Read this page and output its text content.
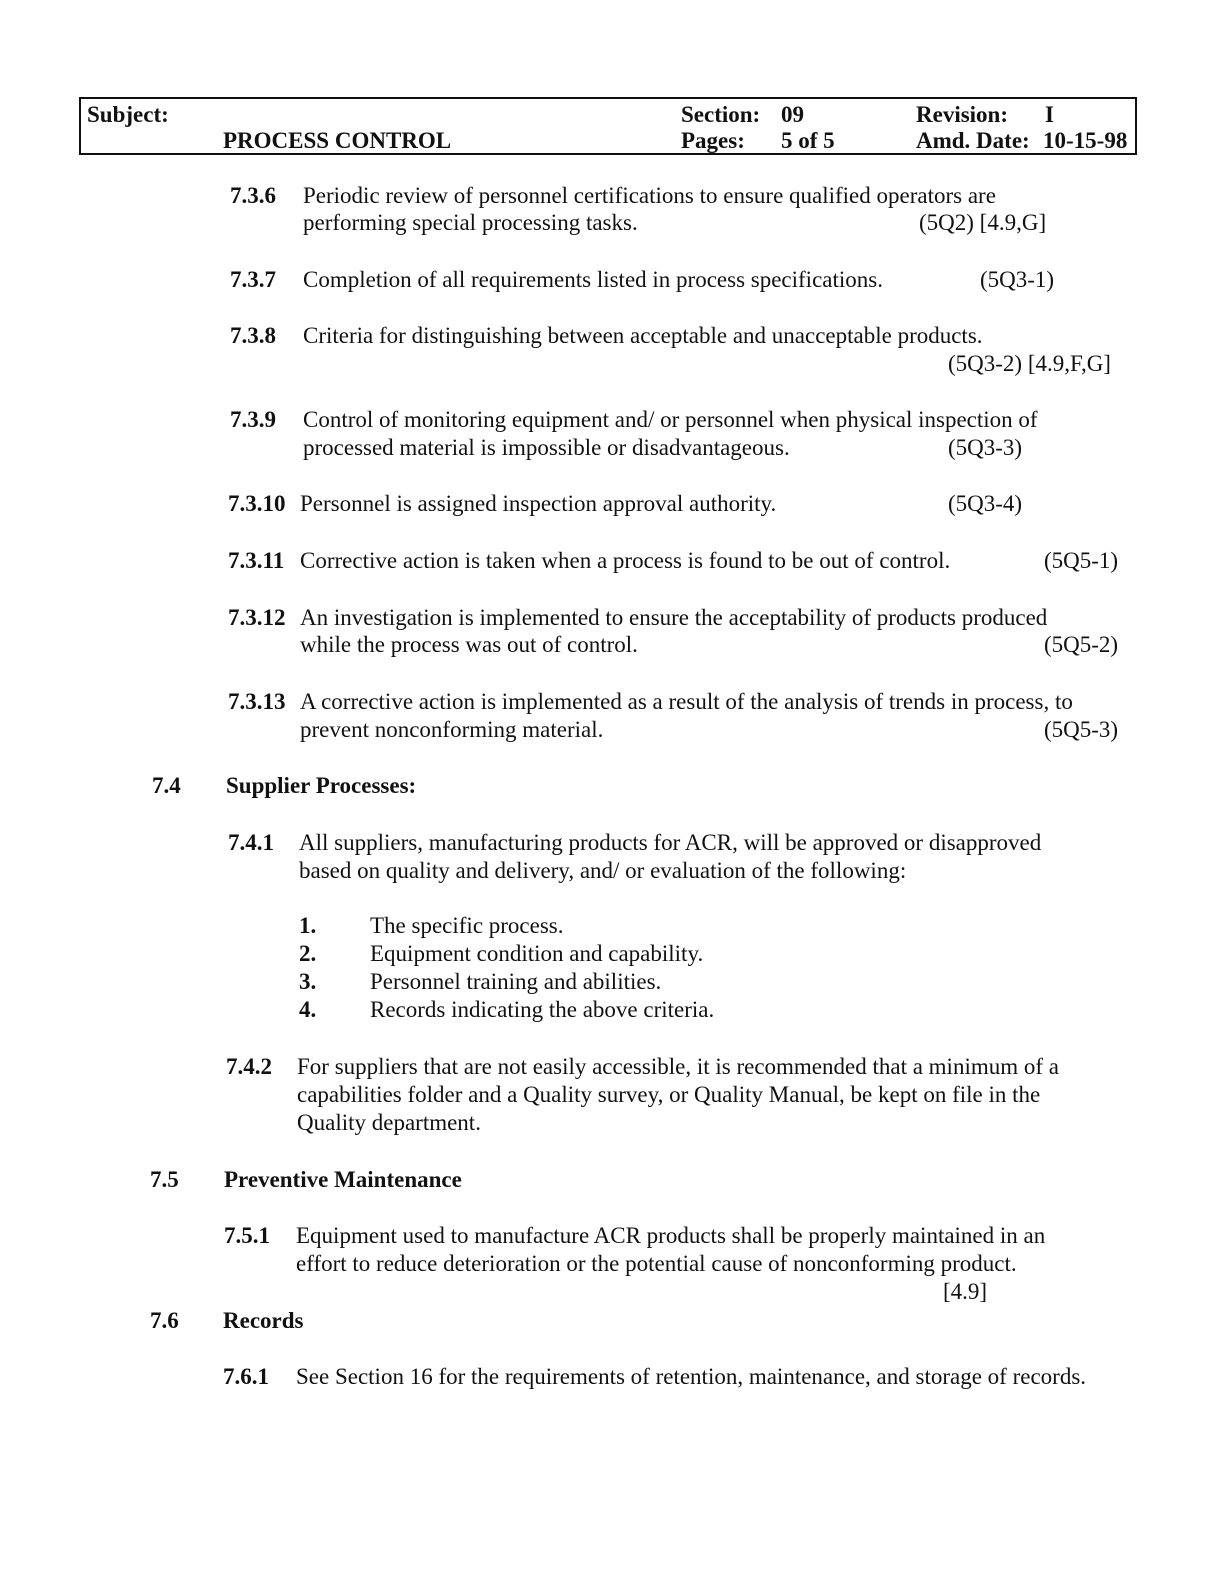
Subject:
PROCESS CONTROL
Section: 09
Pages: 5 of 5
Revision: I
Amd. Date: 10-15-98
7.3.6 Periodic review of personnel certifications to ensure qualified operators are
performing special processing tasks.	(5Q2) [4.9,G]
7.3.7 Completion of all requirements listed in process specifications.	(5Q3-1)
7.3.8 Criteria for distinguishing between acceptable and unacceptable products.
(5Q3-2) [4.9,F,G]
7.3.9 Control of monitoring equipment and/ or personnel when physical inspection of
processed material is impossible or disadvantageous.	(5Q3-3)
7.3.10 Personnel is assigned inspection approval authority.	(5Q3-4)
7.3.11 Corrective action is taken when a process is found to be out of control.	(5Q5-1)
7.3.12 An investigation is implemented to ensure the acceptability of products produced
while the process was out of control.	(5Q5-2)
7.3.13 A corrective action is implemented as a result of the analysis of trends in process, to
prevent nonconforming material.	(5Q5-3)
7.4 Supplier Processes:
7.4.1 All suppliers, manufacturing products for ACR, will be approved or disapproved
based on quality and delivery, and/ or evaluation of the following:
1. The specific process.
2. Equipment condition and capability.
3. Personnel training and abilities.
4. Records indicating the above criteria.
7.4.2 For suppliers that are not easily accessible, it is recommended that a minimum of a
capabilities folder and a Quality survey, or Quality Manual, be kept on file in the
Quality department.
7.5 Preventive Maintenance
7.5.1 Equipment used to manufacture ACR products shall be properly maintained in an
effort to reduce deterioration or the potential cause of nonconforming product.
[4.9]
7.6 Records
7.6.1 See Section 16 for the requirements of retention, maintenance, and storage of records.
